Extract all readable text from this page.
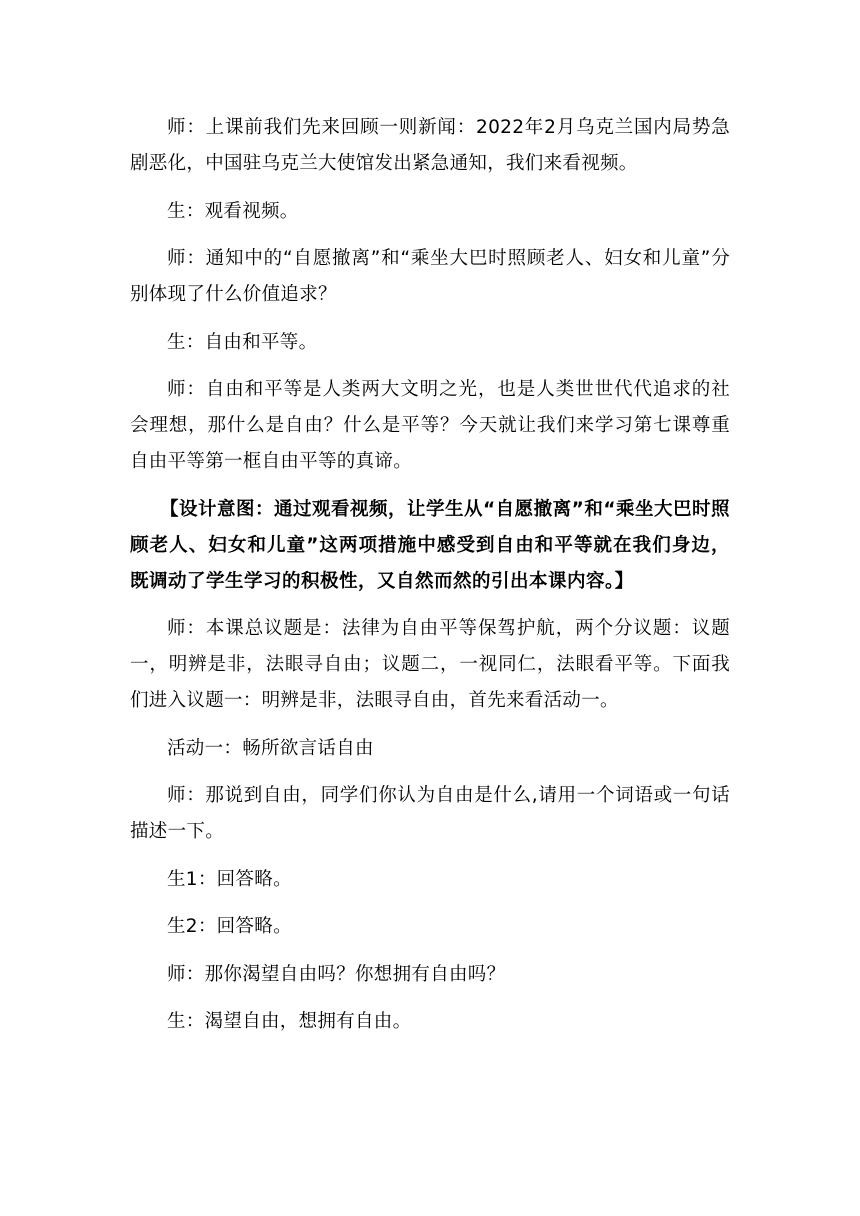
师：上课前我们先来回顾一则新闻：2022年2月乌克兰国内局势急剧恶化，中国驻乌克兰大使馆发出紧急通知，我们来看视频。

生：观看视频。

师：通知中的“自愿撤离”和“乘坐大巴时照顾老人、妇女和儿童”分别体现了什么价值追求？

生：自由和平等。

师：自由和平等是人类两大文明之光，也是人类世世代代追求的社会理想，那什么是自由？什么是平等？今天就让我们来学习第七课尊重自由平等第一框自由平等的真谛。

【设计意图：通过观看视频，让学生从“自愿撤离”和“乘坐大巴时照顾老人、妇女和儿童”这两项措施中感受到自由和平等就在我们身边，既调动了学生学习的积极性，又自然而然的引出本课内容。】

师：本课总议题是：法律为自由平等保驾护航，两个分议题：议题一，明辨是非，法眼寻自由；议题二，一视同仁，法眼看平等。下面我们进入议题一：明辨是非，法眼寻自由，首先来看活动一。

活动一：畅所欲言话自由

师：那说到自由，同学们你认为自由是什么,请用一个词语或一句话描述一下。

生1：回答略。

生2：回答略。

师：那你渴望自由吗？你想拥有自由吗？

生：渴望自由，想拥有自由。
